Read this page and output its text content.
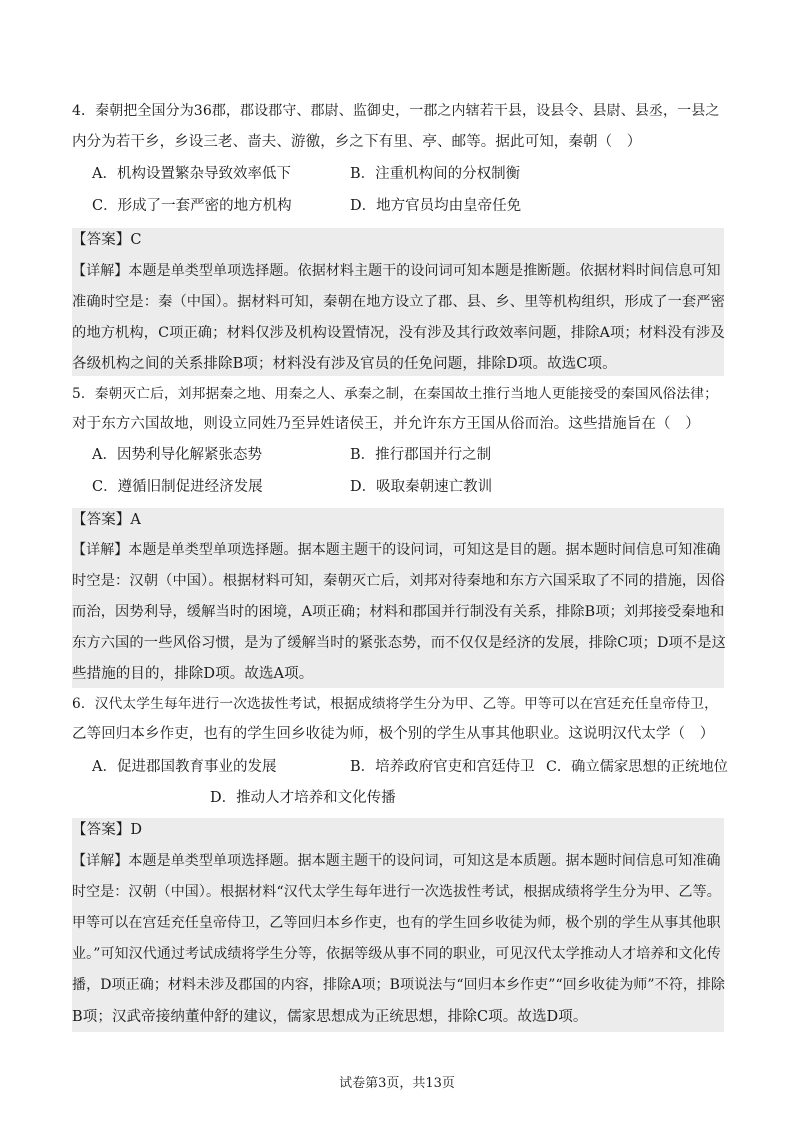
4．秦朝把全国分为36郡，郡设郡守、郡尉、监御史，一郡之内辖若干县，设县令、县尉、县丞，一县之
内分为若干乡，乡设三老、啬夫、游徼，乡之下有里、亭、邮等。据此可知，秦朝（　）
A．机构设置繁杂导致效率低下	B．注重机构间的分权制衡
C．形成了一套严密的地方机构	D．地方官员均由皇帝任免
【答案】C
【详解】本题是单类型单项选择题。依据材料主题干的设问词可知本题是推断题。依据材料时间信息可知
准确时空是：秦（中国）。据材料可知，秦朝在地方设立了郡、县、乡、里等机构组织，形成了一套严密
的地方机构，C项正确；材料仅涉及机构设置情况，没有涉及其行政效率问题，排除A项；材料没有涉及
各级机构之间的关系排除B项；材料没有涉及官员的任免问题，排除D项。故选C项。
5．秦朝灭亡后，刘邦据秦之地、用秦之人、承秦之制，在秦国故土推行当地人更能接受的秦国风俗法律；
对于东方六国故地，则设立同姓乃至异姓诸侯王，并允许东方王国从俗而治。这些措施旨在（　）
A．因势利导化解紧张态势	B．推行郡国并行之制
C．遵循旧制促进经济发展	D．吸取秦朝速亡教训
【答案】A
【详解】本题是单类型单项选择题。据本题主题干的设问词，可知这是目的题。据本题时间信息可知准确
时空是：汉朝（中国）。根据材料可知，秦朝灭亡后，刘邦对待秦地和东方六国采取了不同的措施，因俗
而治，因势利导，缓解当时的困境，A项正确；材料和郡国并行制没有关系，排除B项；刘邦接受秦地和
东方六国的一些风俗习惯，是为了缓解当时的紧张态势，而不仅仅是经济的发展，排除C项；D项不是这
些措施的目的，排除D项。故选A项。
6．汉代太学生每年进行一次选拔性考试，根据成绩将学生分为甲、乙等。甲等可以在宫廷充任皇帝侍卫，
乙等回归本乡作吏，也有的学生回乡收徒为师，极个别的学生从事其他职业。这说明汉代太学（　）
A．促进郡国教育事业的发展	B．培养政府官吏和宫廷侍卫 C．确立儒家思想的正统地位
D．推动人才培养和文化传播
【答案】D
【详解】本题是单类型单项选择题。据本题主题干的设问词，可知这是本质题。据本题时间信息可知准确
时空是：汉朝（中国）。根据材料“汉代太学生每年进行一次选拔性考试，根据成绩将学生分为甲、乙等。
甲等可以在宫廷充任皇帝侍卫，乙等回归本乡作吏，也有的学生回乡收徒为师，极个别的学生从事其他职
业。”可知汉代通过考试成绩将学生分等，依据等级从事不同的职业，可见汉代太学推动人才培养和文化传
播，D项正确；材料未涉及郡国的内容，排除A项；B项说法与“回归本乡作吏”“回乡收徒为师”不符，排除
B项；汉武帝接纳董仲舒的建议，儒家思想成为正统思想，排除C项。故选D项。
试卷第3页，共13页
